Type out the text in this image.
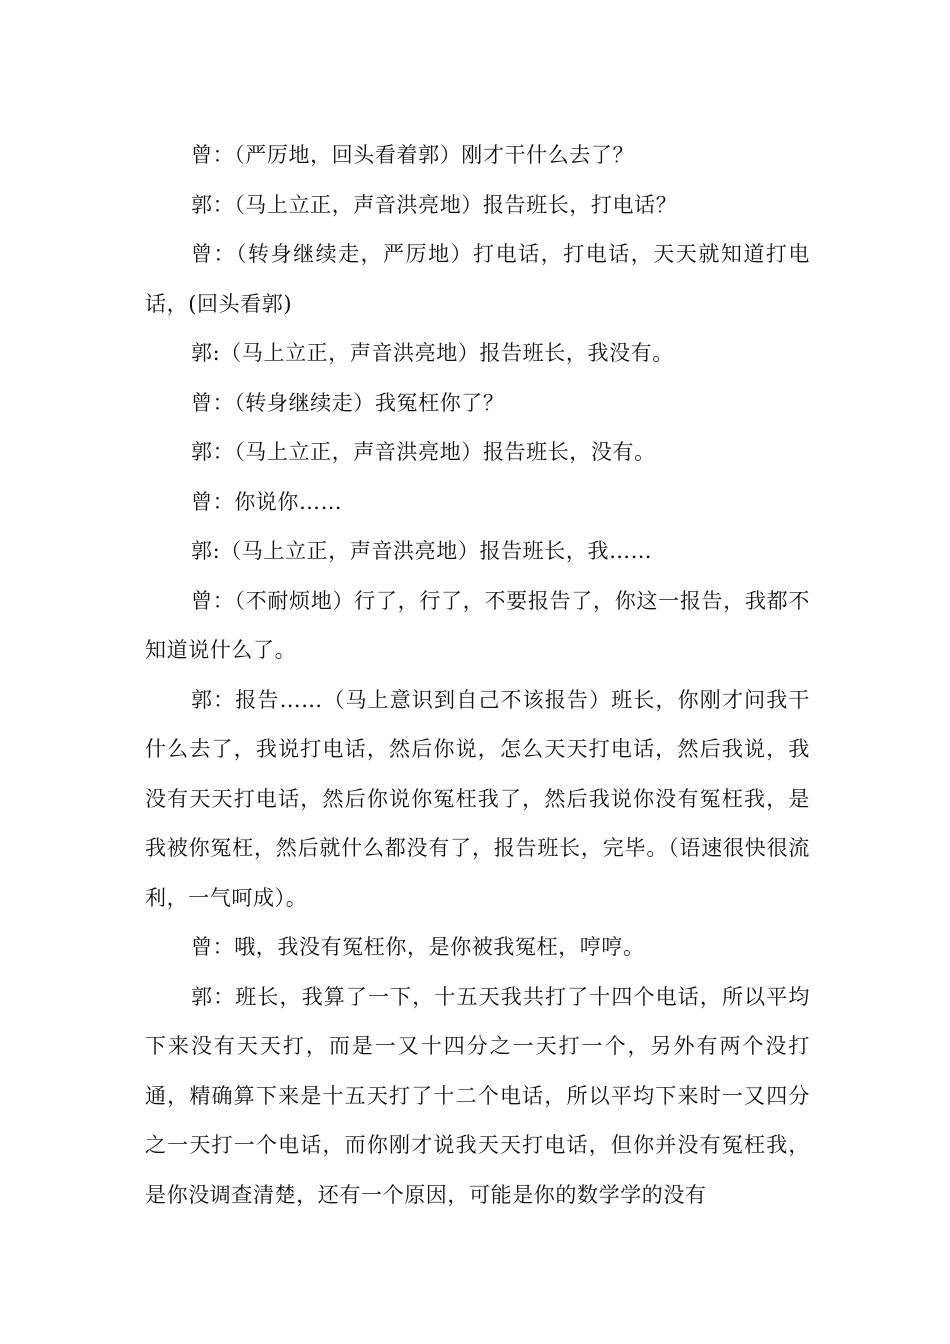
曾：（严厉地，回头看着郭）刚才干什么去了？

郭：（马上立正，声音洪亮地）报告班长，打电话？

曾：（转身继续走，严厉地）打电话，打电话，天天就知道打电话，(回头看郭)

郭:（马上立正，声音洪亮地）报告班长，我没有。

曾：（转身继续走）我冤枉你了？

郭：（马上立正，声音洪亮地）报告班长，没有。

曾：你说你……

郭:（马上立正，声音洪亮地）报告班长，我……

曾：（不耐烦地）行了，行了，不要报告了，你这一报告，我都不知道说什么了。

郭：报告……（马上意识到自己不该报告）班长，你刚才问我干什么去了，我说打电话，然后你说，怎么天天打电话，然后我说，我没有天天打电话，然后你说你冤枉我了，然后我说你没有冤枉我，是我被你冤枉，然后就什么都没有了，报告班长，完毕。（语速很快很流利，一气呵成）。

曾：哦，我没有冤枉你，是你被我冤枉，哼哼。

郭：班长，我算了一下，十五天我共打了十四个电话，所以平均下来没有天天打，而是一又十四分之一天打一个，另外有两个没打通，精确算下来是十五天打了十二个电话，所以平均下来时一又四分之一天打一个电话，而你刚才说我天天打电话，但你并没有冤枉我，是你没调查清楚，还有一个原因，可能是你的数学学的没有
